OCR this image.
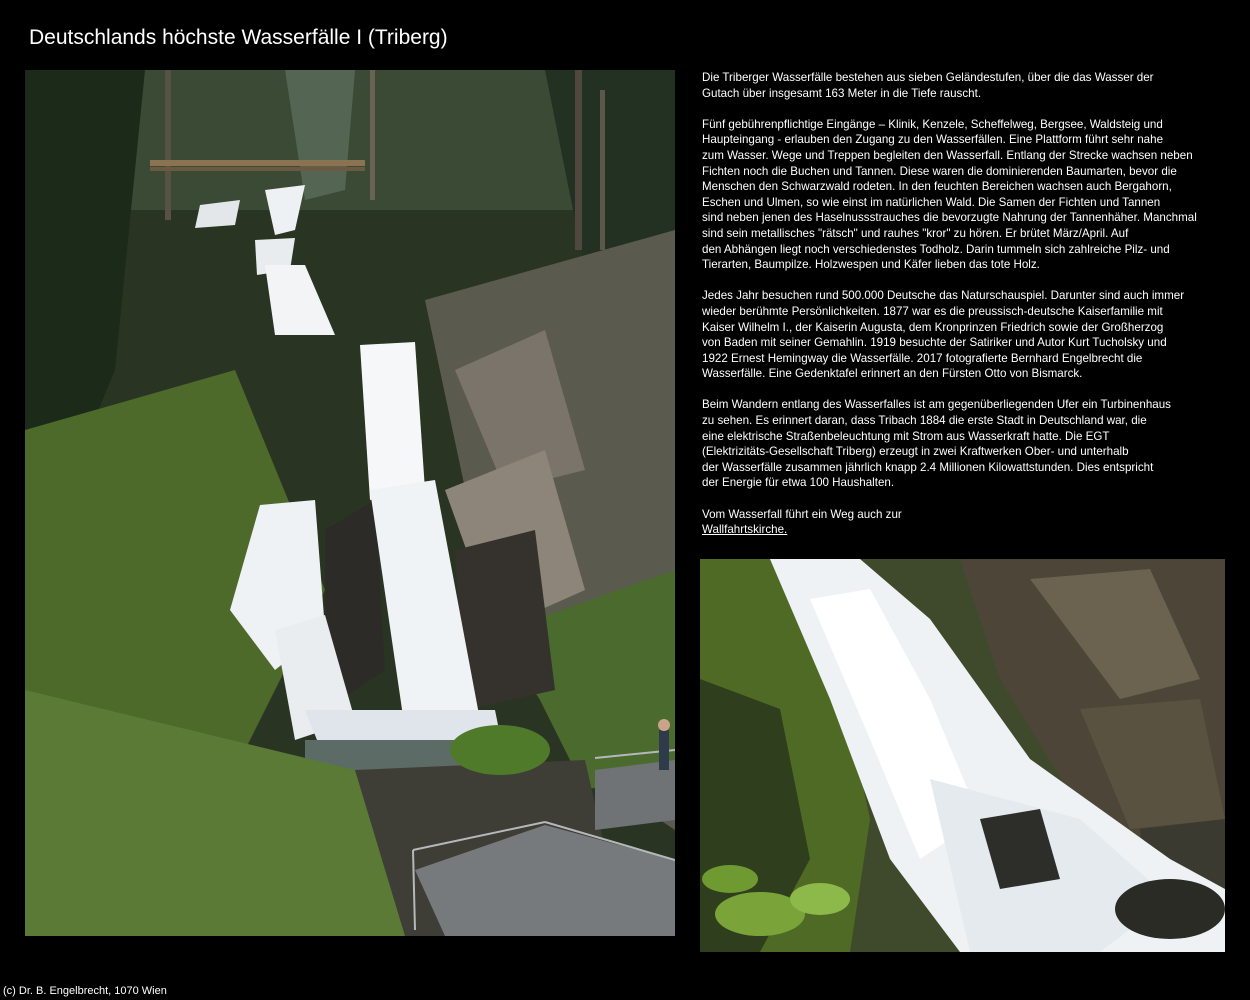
Deutschlands höchste Wasserfälle I (Triberg)

Die Triberger Wasserfälle bestehen aus sieben Geländestufen, über die das Wasser der
Gutach über insgesamt 163 Meter in die Tiefe rauscht.

Fünf gebührenpflichtige Eingänge – Klinik, Kenzele, Scheffelweg, Bergsee, Waldsteig und
Haupteingang - erlauben den Zugang zu den Wasserfällen. Eine Plattform führt sehr nahe
zum Wasser. Wege und Treppen begleiten den Wasserfall. Entlang der Strecke wachsen neben
Fichten noch die Buchen und Tannen. Diese waren die dominierenden Baumarten, bevor die
Menschen den Schwarzwald rodeten. In den feuchten Bereichen wachsen auch Bergahorn,
Eschen und Ulmen, so wie einst im natürlichen Wald. Die Samen der Fichten und Tannen
sind neben jenen des Haselnussstrauches die bevorzugte Nahrung der Tannenhäher. Manchmal
sind sein metallisches "rätsch" und rauhes "kror" zu hören. Er brütet März/April. Auf
den Abhängen liegt noch verschiedenstes Todholz. Darin tummeln sich zahlreiche Pilz- und
Tierarten, Baumpilze. Holzwespen und Käfer lieben das tote Holz.

Jedes Jahr besuchen rund 500.000 Deutsche das Naturschauspiel. Darunter sind auch immer
wieder berühmte Persönlichkeiten. 1877 war es die preussisch-deutsche Kaiserfamilie mit
Kaiser Wilhelm I., der Kaiserin Augusta, dem Kronprinzen Friedrich sowie der Großherzog
von Baden mit seiner Gemahlin. 1919 besuchte der Satiriker und Autor Kurt Tucholsky und
1922 Ernest Hemingway die Wasserfälle. 2017 fotografierte Bernhard Engelbrecht die
Wasserfälle. Eine Gedenktafel erinnert an den Fürsten Otto von Bismarck.

Beim Wandern entlang des Wasserfalles ist am gegenüberliegenden Ufer ein Turbinenhaus
zu sehen. Es erinnert daran, dass Tribach 1884 die erste Stadt in Deutschland war, die
eine elektrische Straßenbeleuchtung mit Strom aus Wasserkraft hatte. Die EGT
(Elektrizitäts-Gesellschaft Triberg) erzeugt in zwei Kraftwerken Ober- und unterhalb
der Wasserfälle zusammen jährlich knapp 2.4 Millionen Kilowattstunden. Dies entspricht
der Energie für etwa 100 Haushalten.

Vom Wasserfall führt ein Weg auch zur
Wallfahrtskirche.

(c) Dr. B. Engelbrecht, 1070 Wien
